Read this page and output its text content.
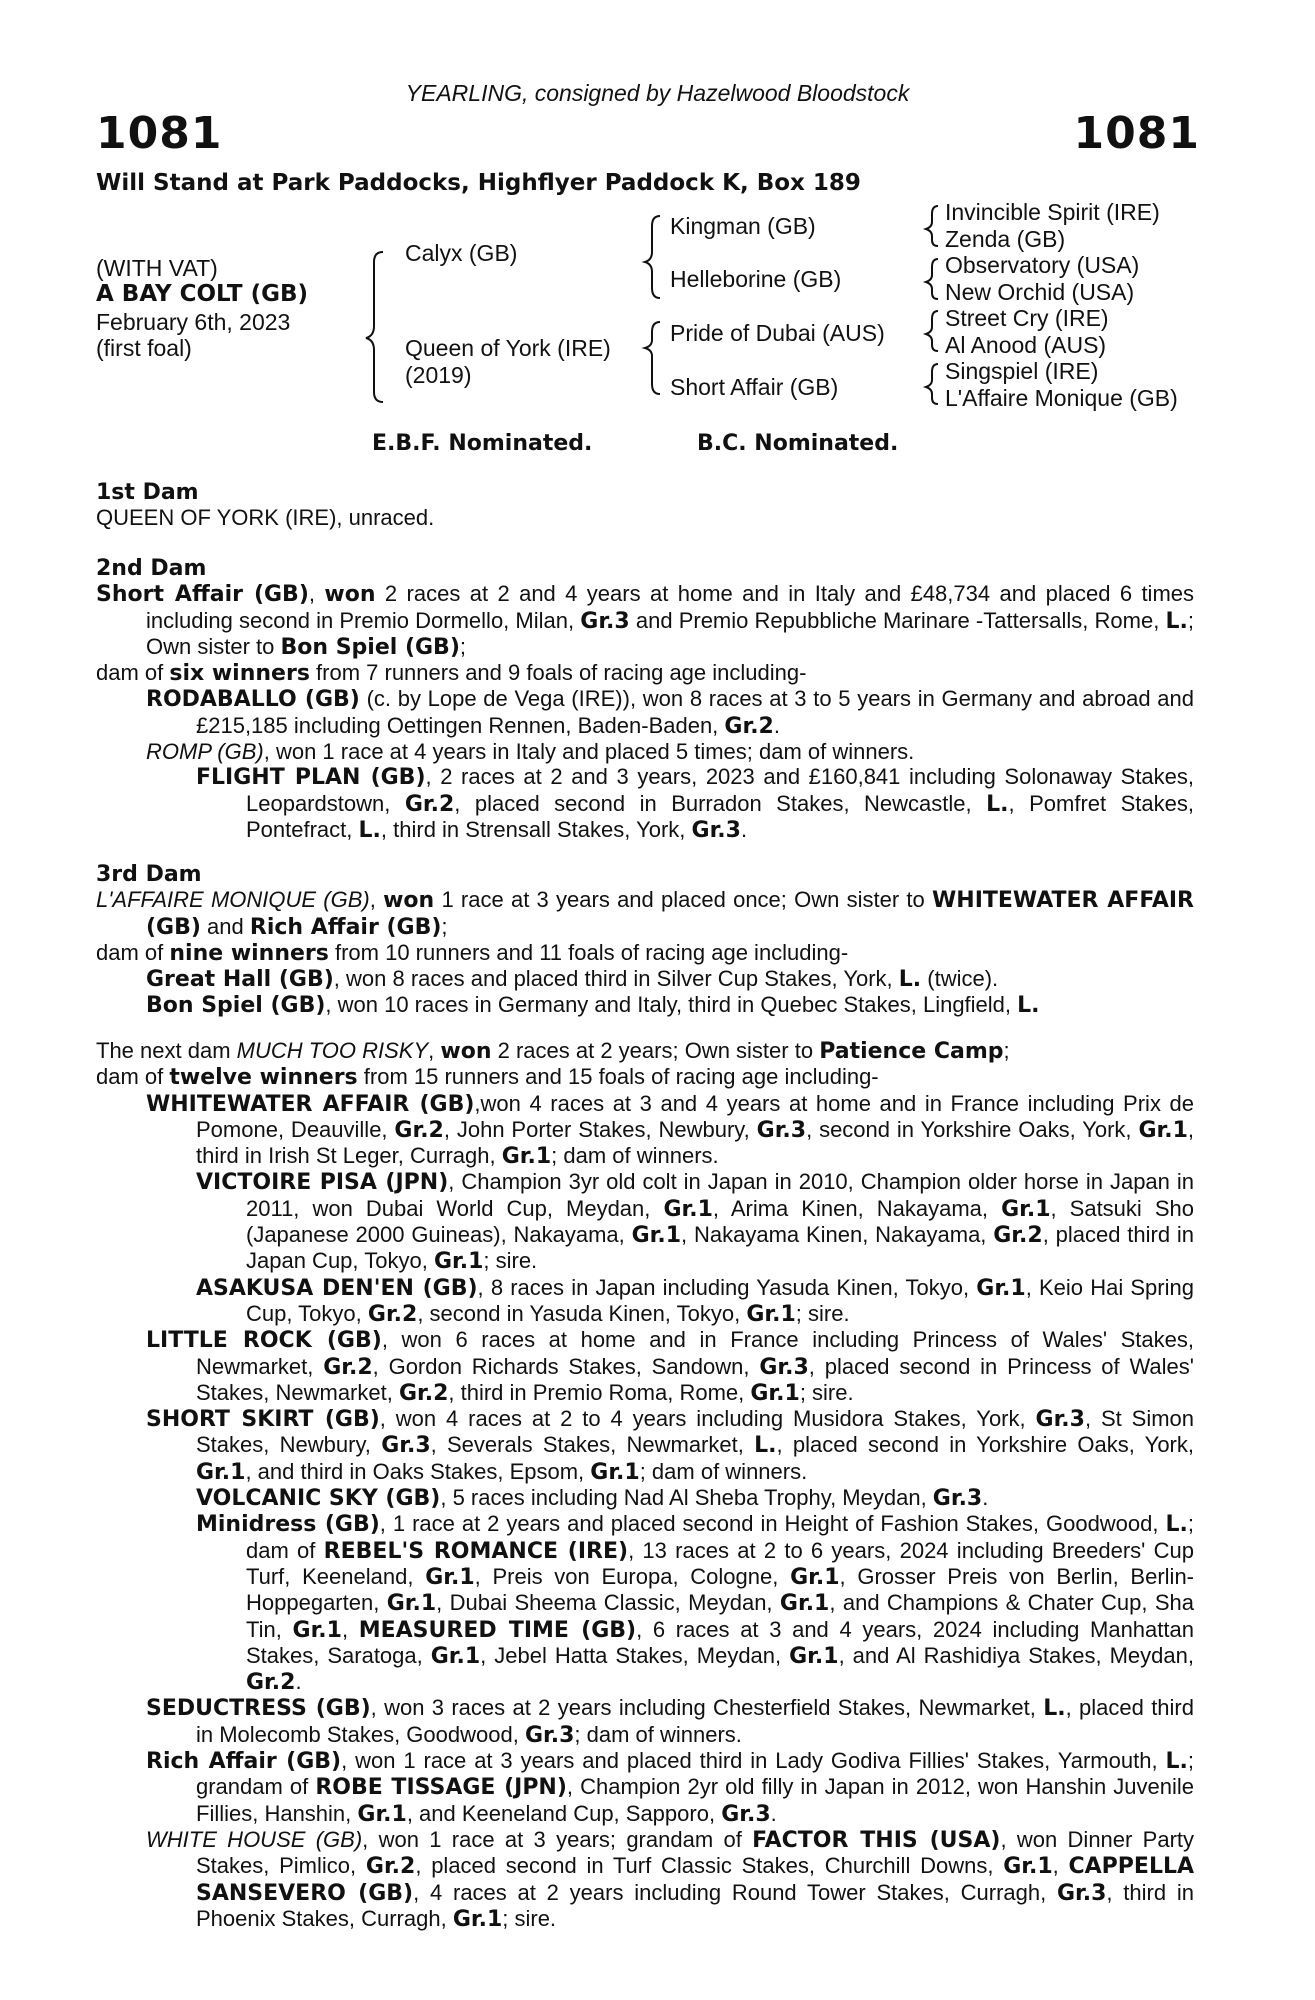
YEARLING, consigned by Hazelwood Bloodstock
1081	1081
Will Stand at Park Paddocks, Highflyer Paddock K, Box 189
(WITH VAT)
A BAY COLT (GB)
February 6th, 2023
(first foal)
Calyx (GB)
Queen of York (IRE)
(2019)
Kingman (GB)
Helleborine (GB)
Pride of Dubai (AUS)
Short Affair (GB)
Invincible Spirit (IRE)
Zenda (GB)
Observatory (USA)
New Orchid (USA)
Street Cry (IRE)
Al Anood (AUS)
Singspiel (IRE)
L'Affaire Monique (GB)
E.B.F. Nominated.	B.C. Nominated.
1st Dam

QUEEN OF YORK (IRE), unraced.

2nd Dam

Short Affair (GB), won 2 races at 2 and 4 years at home and in Italy and £48,734 and placed 6 times including second in Premio Dormello, Milan, Gr.3 and Premio Repubbliche Marinare -Tattersalls, Rome, L.; Own sister to Bon Spiel (GB);

dam of six winners from 7 runners and 9 foals of racing age including-

RODABALLO (GB) (c. by Lope de Vega (IRE)), won 8 races at 3 to 5 years in Germany and abroad and £215,185 including Oettingen Rennen, Baden-Baden, Gr.2.

ROMP (GB), won 1 race at 4 years in Italy and placed 5 times; dam of winners.

FLIGHT PLAN (GB), 2 races at 2 and 3 years, 2023 and £160,841 including Solonaway Stakes, Leopardstown, Gr.2, placed second in Burradon Stakes, Newcastle, L., Pomfret Stakes, Pontefract, L., third in Strensall Stakes, York, Gr.3.

3rd Dam

L'AFFAIRE MONIQUE (GB), won 1 race at 3 years and placed once; Own sister to WHITEWATER AFFAIR (GB) and Rich Affair (GB);

dam of nine winners from 10 runners and 11 foals of racing age including-

Great Hall (GB), won 8 races and placed third in Silver Cup Stakes, York, L. (twice).

Bon Spiel (GB), won 10 races in Germany and Italy, third in Quebec Stakes, Lingfield, L.

The next dam MUCH TOO RISKY, won 2 races at 2 years; Own sister to Patience Camp;

dam of twelve winners from 15 runners and 15 foals of racing age including-

WHITEWATER AFFAIR (GB),won 4 races at 3 and 4 years at home and in France including Prix de Pomone, Deauville, Gr.2, John Porter Stakes, Newbury, Gr.3, second in Yorkshire Oaks, York, Gr.1, third in Irish St Leger, Curragh, Gr.1; dam of winners.

VICTOIRE PISA (JPN), Champion 3yr old colt in Japan in 2010, Champion older horse in Japan in 2011, won Dubai World Cup, Meydan, Gr.1, Arima Kinen, Nakayama, Gr.1, Satsuki Sho (Japanese 2000 Guineas), Nakayama, Gr.1, Nakayama Kinen, Nakayama, Gr.2, placed third in Japan Cup, Tokyo, Gr.1; sire.

ASAKUSA DEN'EN (GB), 8 races in Japan including Yasuda Kinen, Tokyo, Gr.1, Keio Hai Spring Cup, Tokyo, Gr.2, second in Yasuda Kinen, Tokyo, Gr.1; sire.

LITTLE ROCK (GB), won 6 races at home and in France including Princess of Wales' Stakes, Newmarket, Gr.2, Gordon Richards Stakes, Sandown, Gr.3, placed second in Princess of Wales' Stakes, Newmarket, Gr.2, third in Premio Roma, Rome, Gr.1; sire.

SHORT SKIRT (GB), won 4 races at 2 to 4 years including Musidora Stakes, York, Gr.3, St Simon Stakes, Newbury, Gr.3, Severals Stakes, Newmarket, L., placed second in Yorkshire Oaks, York, Gr.1, and third in Oaks Stakes, Epsom, Gr.1; dam of winners.

VOLCANIC SKY (GB), 5 races including Nad Al Sheba Trophy, Meydan, Gr.3.

Minidress (GB), 1 race at 2 years and placed second in Height of Fashion Stakes, Goodwood, L.; dam of REBEL'S ROMANCE (IRE), 13 races at 2 to 6 years, 2024 including Breeders' Cup Turf, Keeneland, Gr.1, Preis von Europa, Cologne, Gr.1, Grosser Preis von Berlin, Berlin-Hoppegarten, Gr.1, Dubai Sheema Classic, Meydan, Gr.1, and Champions & Chater Cup, Sha Tin, Gr.1, MEASURED TIME (GB), 6 races at 3 and 4 years, 2024 including Manhattan Stakes, Saratoga, Gr.1, Jebel Hatta Stakes, Meydan, Gr.1, and Al Rashidiya Stakes, Meydan, Gr.2.

SEDUCTRESS (GB), won 3 races at 2 years including Chesterfield Stakes, Newmarket, L., placed third in Molecomb Stakes, Goodwood, Gr.3; dam of winners.

Rich Affair (GB), won 1 race at 3 years and placed third in Lady Godiva Fillies' Stakes, Yarmouth, L.; grandam of ROBE TISSAGE (JPN), Champion 2yr old filly in Japan in 2012, won Hanshin Juvenile Fillies, Hanshin, Gr.1, and Keeneland Cup, Sapporo, Gr.3.

WHITE HOUSE (GB), won 1 race at 3 years; grandam of FACTOR THIS (USA), won Dinner Party Stakes, Pimlico, Gr.2, placed second in Turf Classic Stakes, Churchill Downs, Gr.1, CAPPELLA SANSEVERO (GB), 4 races at 2 years including Round Tower Stakes, Curragh, Gr.3, third in Phoenix Stakes, Curragh, Gr.1; sire.
